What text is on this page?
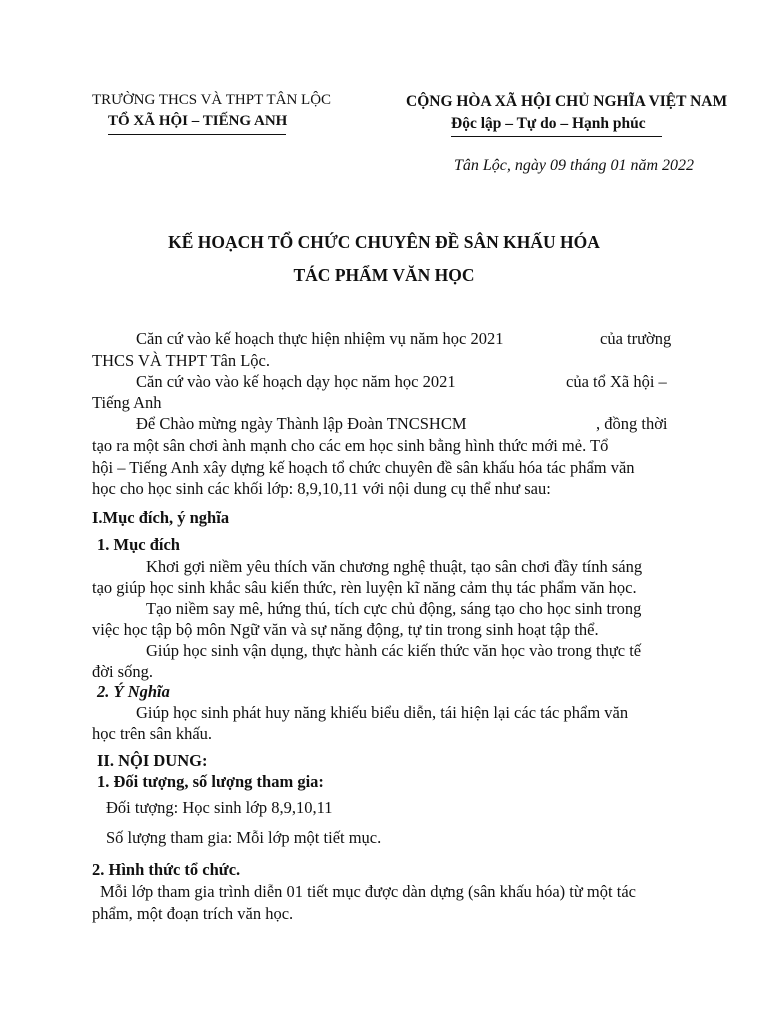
TRƯỜNG THCS VÀ THPT TÂN LỘC
TỔ XÃ HỘI – TIẾNG ANH
CỘNG HÒA XÃ HỘI CHỦ NGHĨA VIỆT NAM
Độc lập – Tự do – Hạnh phúc
Tân Lộc, ngày 09 tháng 01 năm 2022
KẾ HOẠCH TỔ CHỨC CHUYÊN ĐỀ SÂN KHẤU HÓA
TÁC PHẨM VĂN HỌC
Căn cứ vào kế hoạch thực hiện nhiệm vụ năm học 2021	của trường
THCS VÀ THPT Tân Lộc.
Căn cứ vào vào kế hoạch dạy học năm học 2021	của tổ Xã hội –
Tiếng Anh
Để Chào mừng ngày Thành lập Đoàn TNCSHCM	, đồng thời
tạo ra một sân chơi ành mạnh cho các em học sinh bằng hình thức mới mẻ. Tổ
hội – Tiếng Anh xây dựng kế hoạch tổ chức chuyên đề sân khấu hóa tác phẩm văn
học cho học sinh các khối lớp: 8,9,10,11 với nội dung cụ thể như sau:
I.Mục đích, ý nghĩa
1. Mục đích
Khơi gợi niềm yêu thích văn chương nghệ thuật, tạo sân chơi đầy tính sáng
tạo giúp học sinh khắc sâu kiến thức, rèn luyện kĩ năng cảm thụ tác phẩm văn học.
Tạo niềm say mê, hứng thú, tích cực chủ động, sáng tạo cho học sinh trong
việc học tập bộ môn Ngữ văn và sự năng động, tự tin trong sinh hoạt tập thể.
Giúp học sinh vận dụng, thực hành các kiến thức văn học vào trong thực tế
đời sống.
2. Ý Nghĩa
Giúp học sinh phát huy năng khiếu biểu diễn, tái hiện lại các tác phẩm văn
học trên sân khấu.
II. NỘI DUNG:
1. Đối tượng, số lượng tham gia:
Đối tượng: Học sinh lớp 8,9,10,11
Số lượng tham gia: Mỗi lớp một tiết mục.
2. Hình thức tổ chức.
Mỗi lớp tham gia trình diễn 01 tiết mục được dàn dựng (sân khấu hóa) từ một tác
phẩm, một đoạn trích văn học.
